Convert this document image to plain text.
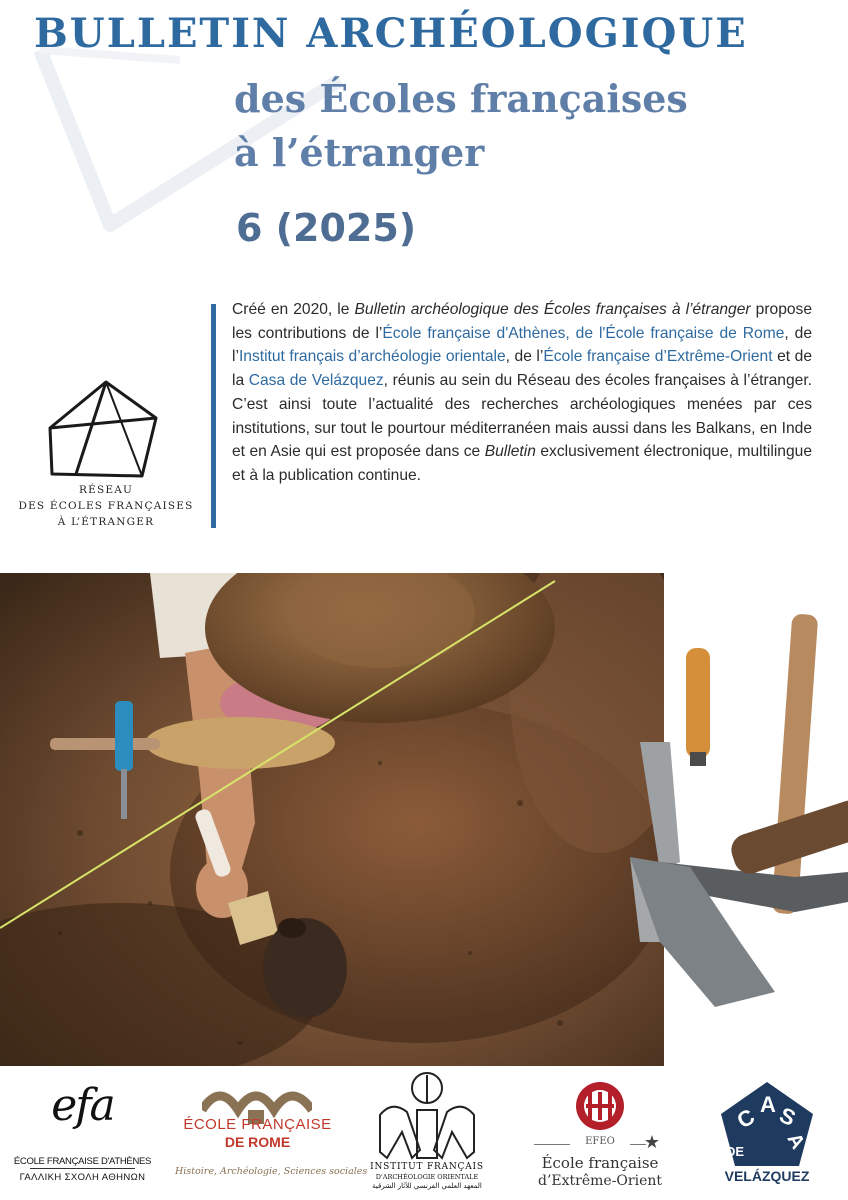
BULLETIN ARCHÉOLOGIQUE
des Écoles françaises
à l’étranger
6 (2025)
RÉSEAU
DES ÉCOLES FRANÇAISES
À L’ÉTRANGER
Créé en 2020, le Bulletin archéologique des Écoles françaises à l’étranger propose les contributions de l’École française d'Athènes, de l'École française de Rome, de l’Institut français d’archéologie orientale, de l’École française d’Extrême-Orient et de la Casa de Velázquez, réunis au sein du Réseau des écoles françaises à l’étranger. C’est ainsi toute l’actualité des recherches archéologiques menées par ces institutions, sur tout le pourtour méditerranéen mais aussi dans les Balkans, en Inde et en Asie qui est proposée dans ce Bulletin exclusivement électronique, multilingue et à la publication continue.
efa
ÉCOLE FRANÇAISE D'ATHÈNES
ΓΑΛΛΙΚΗ ΣΧΟΛΗ ΑΘΗΝΩΝ
ÉCOLE FRANÇAISE
DE ROME
Histoire, Archéologie, Sciences sociales INSTITUT FRANÇAIS
D'ARCHÉOLOGIE ORIENTALE
المعهد العلمي الفرنسي للآثار الشرقية
EFEO	★
École française
d’Extrême-Orient
C A S
A
DE
VELÁZQUEZ
